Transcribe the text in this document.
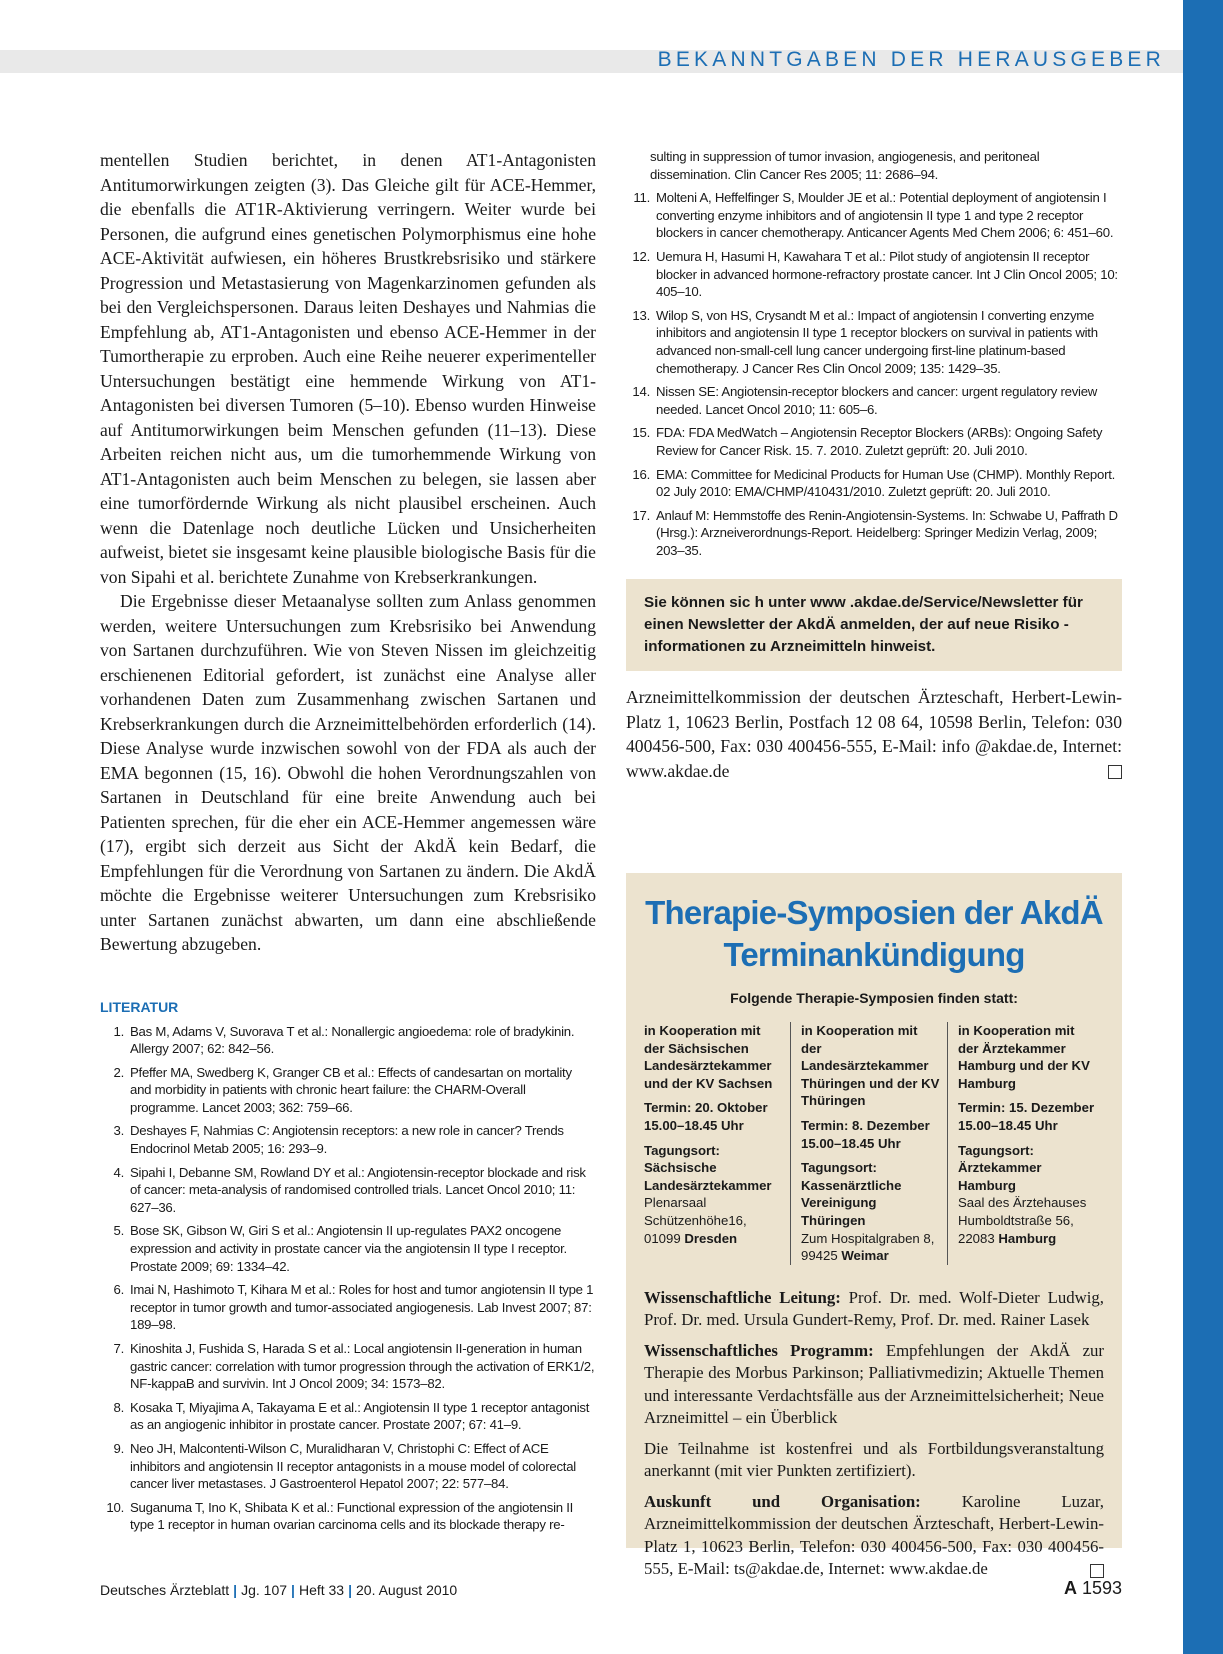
BEKANNTGABEN DER HERAUSGEBER

mentellen Studien berichtet, in denen AT1-Antagonisten Antitumorwirkungen zeigten (3). Das Gleiche gilt für ACE-Hemmer, die ebenfalls die AT1R-Aktivierung verringern. Weiter wurde bei Personen, die aufgrund eines genetischen Polymorphismus eine hohe ACE-Aktivität aufwiesen, ein höheres Brustkrebsrisiko und stärkere Progression und Metastasierung von Magenkarzinomen gefunden als bei den Vergleichspersonen. Daraus leiten Deshayes und Nahmias die Empfehlung ab, AT1-Antagonisten und ebenso ACE-Hemmer in der Tumortherapie zu erproben. Auch eine Reihe neuerer experimenteller Untersuchungen bestätigt eine hemmende Wirkung von AT1-Antagonisten bei diversen Tumoren (5–10). Ebenso wurden Hinweise auf Antitumorwirkungen beim Menschen gefunden (11–13). Diese Arbeiten reichen nicht aus, um die tumorhemmende Wirkung von AT1-Antagonisten auch beim Menschen zu belegen, sie lassen aber eine tumorfördernde Wirkung als nicht plausibel erscheinen. Auch wenn die Datenlage noch deutliche Lücken und Unsicherheiten aufweist, bietet sie insgesamt keine plausible biologische Basis für die von Sipahi et al. berichtete Zunahme von Krebserkrankungen.

Die Ergebnisse dieser Metaanalyse sollten zum Anlass genommen werden, weitere Untersuchungen zum Krebsrisiko bei Anwendung von Sartanen durchzuführen. Wie von Steven Nissen im gleichzeitig erschienenen Editorial gefordert, ist zunächst eine Analyse aller vorhandenen Daten zum Zusammenhang zwischen Sartanen und Krebserkrankungen durch die Arzneimittelbehörden erforderlich (14). Diese Analyse wurde inzwischen sowohl von der FDA als auch der EMA begonnen (15, 16). Obwohl die hohen Verordnungszahlen von Sartanen in Deutschland für eine breite Anwendung auch bei Patienten sprechen, für die eher ein ACE-Hemmer angemessen wäre (17), ergibt sich derzeit aus Sicht der AkdÄ kein Bedarf, die Empfehlungen für die Verordnung von Sartanen zu ändern. Die AkdÄ möchte die Ergebnisse weiterer Untersuchungen zum Krebsrisiko unter Sartanen zunächst abwarten, um dann eine abschließende Bewertung abzugeben.

LITERATUR
1. Bas M, Adams V, Suvorava T et al.: Nonallergic angioedema: role of bradykinin. Allergy 2007; 62: 842–56.
2. Pfeffer MA, Swedberg K, Granger CB et al.: Effects of candesartan on mortality and morbidity in patients with chronic heart failure: the CHARM-Overall programme. Lancet 2003; 362: 759–66.
3. Deshayes F, Nahmias C: Angiotensin receptors: a new role in cancer? Trends Endocrinol Metab 2005; 16: 293–9.
4. Sipahi I, Debanne SM, Rowland DY et al.: Angiotensin-receptor blockade and risk of cancer: meta-analysis of randomised controlled trials. Lancet Oncol 2010; 11: 627–36.
5. Bose SK, Gibson W, Giri S et al.: Angiotensin II up-regulates PAX2 oncogene expression and activity in prostate cancer via the angiotensin II type I receptor. Prostate 2009; 69: 1334–42.
6. Imai N, Hashimoto T, Kihara M et al.: Roles for host and tumor angiotensin II type 1 receptor in tumor growth and tumor-associated angiogenesis. Lab Invest 2007; 87: 189–98.
7. Kinoshita J, Fushida S, Harada S et al.: Local angiotensin II-generation in human gastric cancer: correlation with tumor progression through the activation of ERK1/2, NF-kappaB and survivin. Int J Oncol 2009; 34: 1573–82.
8. Kosaka T, Miyajima A, Takayama E et al.: Angiotensin II type 1 receptor antagonist as an angiogenic inhibitor in prostate cancer. Prostate 2007; 67: 41–9.
9. Neo JH, Malcontenti-Wilson C, Muralidharan V, Christophi C: Effect of ACE inhibitors and angiotensin II receptor antagonists in a mouse model of colorectal cancer liver metastases. J Gastroenterol Hepatol 2007; 22: 577–84.
10. Suganuma T, Ino K, Shibata K et al.: Functional expression of the angiotensin II type 1 receptor in human ovarian carcinoma cells and its blockade therapy re-
sulting in suppression of tumor invasion, angiogenesis, and peritoneal dissemination. Clin Cancer Res 2005; 11: 2686–94.
11. Molteni A, Heffelfinger S, Moulder JE et al.: Potential deployment of angiotensin I converting enzyme inhibitors and of angiotensin II type 1 and type 2 receptor blockers in cancer chemotherapy. Anticancer Agents Med Chem 2006; 6: 451–60.
12. Uemura H, Hasumi H, Kawahara T et al.: Pilot study of angiotensin II receptor blocker in advanced hormone-refractory prostate cancer. Int J Clin Oncol 2005; 10: 405–10.
13. Wilop S, von HS, Crysandt M et al.: Impact of angiotensin I converting enzyme inhibitors and angiotensin II type 1 receptor blockers on survival in patients with advanced non-small-cell lung cancer undergoing first-line platinum-based chemotherapy. J Cancer Res Clin Oncol 2009; 135: 1429–35.
14. Nissen SE: Angiotensin-receptor blockers and cancer: urgent regulatory review needed. Lancet Oncol 2010; 11: 605–6.
15. FDA: FDA MedWatch – Angiotensin Receptor Blockers (ARBs): Ongoing Safety Review for Cancer Risk. 15. 7. 2010. Zuletzt geprüft: 20. Juli 2010.
16. EMA: Committee for Medicinal Products for Human Use (CHMP). Monthly Report. 02 July 2010: EMA/CHMP/410431/2010. Zuletzt geprüft: 20. Juli 2010.
17. Anlauf M: Hemmstoffe des Renin-Angiotensin-Systems. In: Schwabe U, Paffrath D (Hrsg.): Arzneiverordnungs-Report. Heidelberg: Springer Medizin Verlag, 2009; 203–35.
Sie können sic h unter www .akdae.de/Service/Newsletter für einen Newsletter der AkdÄ anmelden, der auf neue Risiko - informationen zu Arzneimitteln hinweist.
Arzneimittelkommission der deutschen Ärzteschaft, Herbert-Lewin-Platz 1, 10623 Berlin, Postfach 12 08 64, 10598 Berlin, Telefon: 030 400456-500, Fax: 030 400456-555, E-Mail: info @akdae.de, Internet: www.akdae.de
Therapie-Symposien der AkdÄ
Terminankündigung
Folgende Therapie-Symposien finden statt:
in Kooperation mit der Sächsischen Landesärztekammer und der KV Sachsen
Termin: 20. Oktober
15.00–18.45 Uhr
Tagungsort: Sächsische Landesärztekammer
Plenarsaal Schützenhöhe16,
01099 Dresden
in Kooperation mit der Landesärztekammer Thüringen und der KV Thüringen
Termin: 8. Dezember
15.00–18.45 Uhr
Tagungsort: Kassenärztliche Vereinigung Thüringen
Zum Hospitalgraben 8,
99425 Weimar
in Kooperation mit der Ärztekammer Hamburg und der KV Hamburg
Termin: 15. Dezember
15.00–18.45 Uhr
Tagungsort: Ärztekammer Hamburg
Saal des Ärztehauses Humboldtstraße 56,
22083 Hamburg

Wissenschaftliche Leitung: Prof. Dr. med. Wolf-Dieter Ludwig, Prof. Dr. med. Ursula Gundert-Remy, Prof. Dr. med. Rainer Lasek

Wissenschaftliches Programm: Empfehlungen der AkdÄ zur Therapie des Morbus Parkinson; Palliativmedizin; Aktuelle Themen und interessante Verdachtsfälle aus der Arzneimittelsicherheit; Neue Arzneimittel – ein Überblick

Die Teilnahme ist kostenfrei und als Fortbildungsveranstaltung anerkannt (mit vier Punkten zertifiziert).

Auskunft und Organisation: Karoline Luzar, Arzneimittelkommission der deutschen Ärzteschaft, Herbert-Lewin-Platz 1, 10623 Berlin, Telefon: 030 400456-500, Fax: 030 400456-555, E-Mail: ts@akdae.de, Internet: www.akdae.de

Deutsches Ärzteblatt | Jg. 107 | Heft 33 | 20. August 2010	A 1593
